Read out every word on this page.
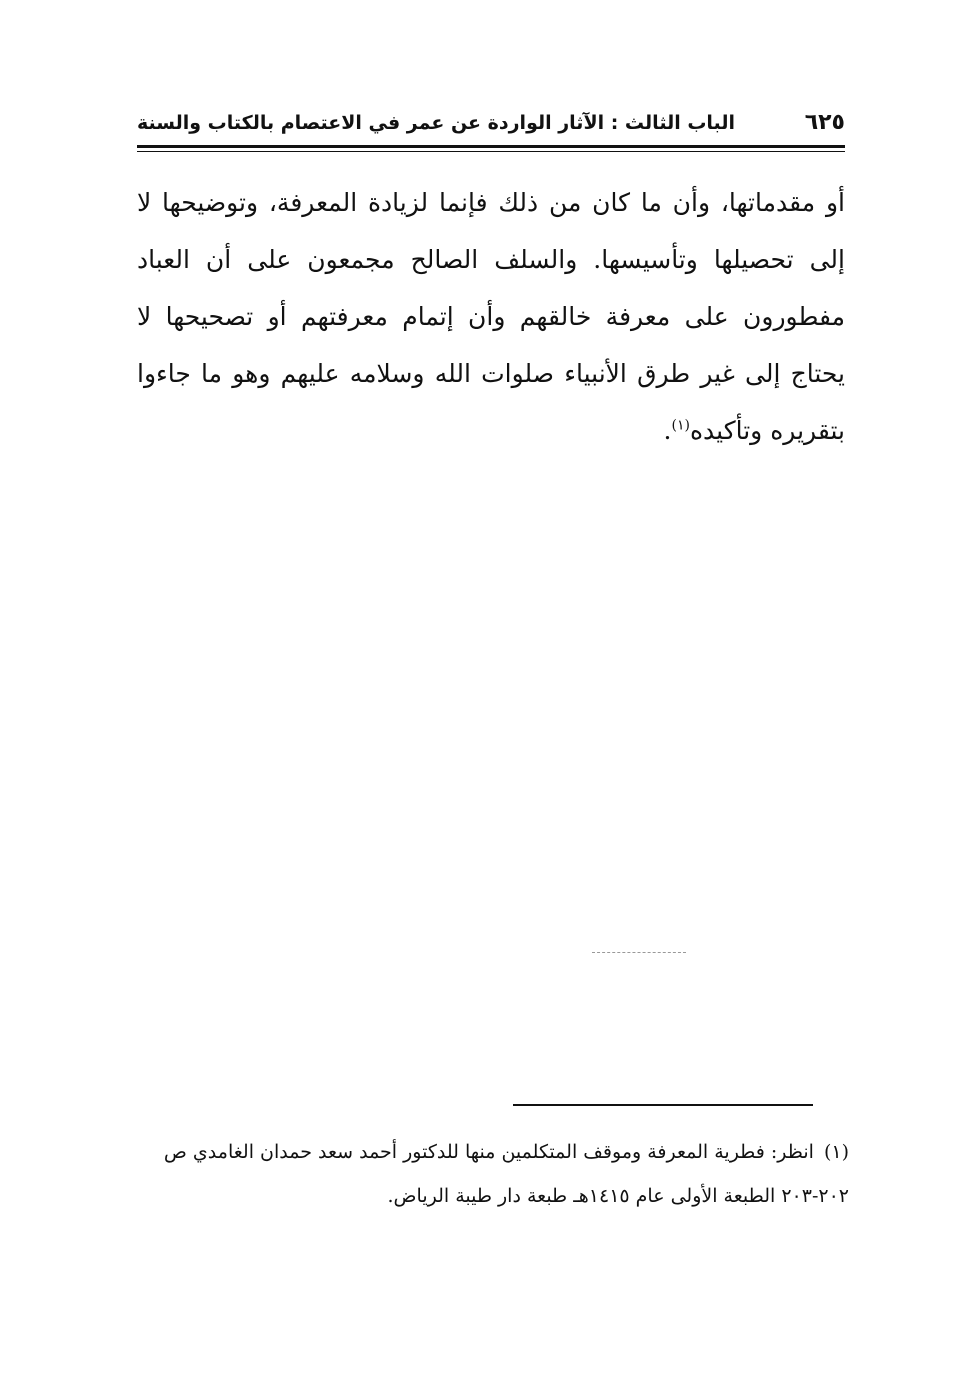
٦٢٥
الباب الثالث : الآثار الواردة عن عمر في الاعتصام بالكتاب والسنة

أو مقدماتها، وأن ما كان من ذلك فإنما لزيادة المعرفة، وتوضيحها لا إلى تحصيلها وتأسيسها. والسلف الصالح مجمعون على أن العباد مفطورون على معرفة خالقهم وأن إتمام معرفتهم أو تصحيحها لا يحتاج إلى غير طرق الأنبياء صلوات الله وسلامه عليهم وهو ما جاءوا بتقريره وتأكيده$^{(١)}$.

(١)انظر: فطرية المعرفة وموقف المتكلمين منها للدكتور أحمد سعد حمدان الغامدي ص

٢٠٢-٢٠٣ الطبعة الأولى عام ١٤١٥هـ طبعة دار طيبة الرياض.
